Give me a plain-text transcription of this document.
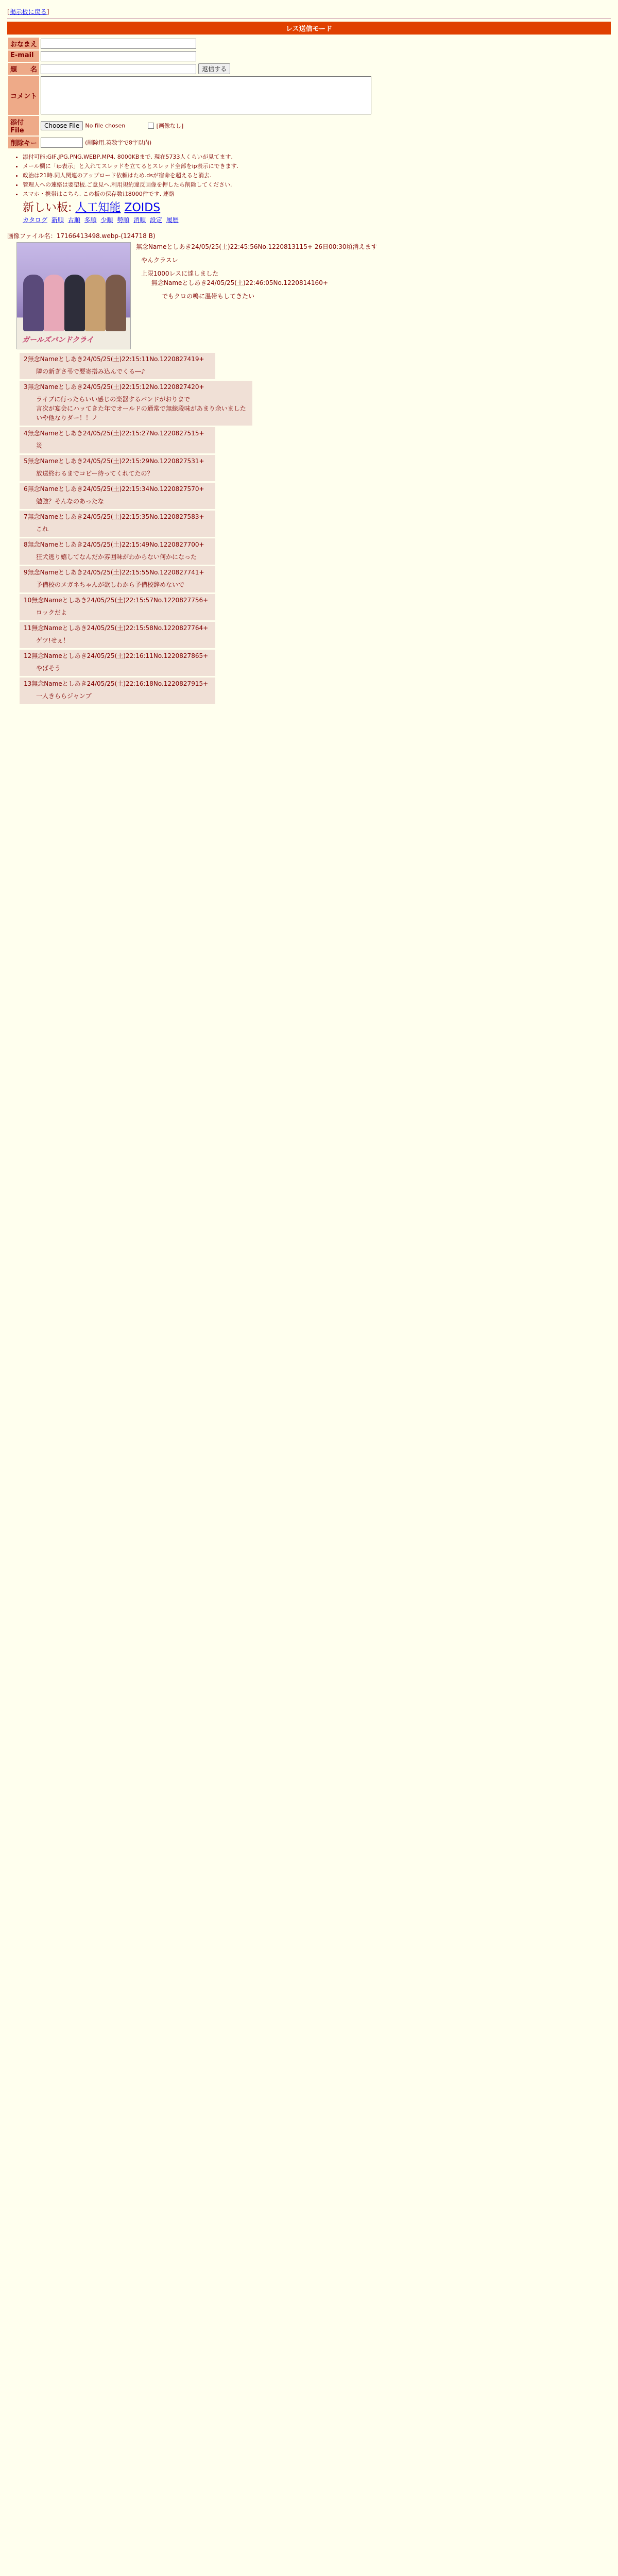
[掲示板に戻る]
レス送信モード
おなまえ	
E-mail	
題　　名	返信する
コメント	

添付File	Choose File No file chosen [画像なし]
削除キー	(削除用.英数字で8字以内)
• 添付可能:GIF,JPG,PNG,WEBP,MP4. 8000KBまで. 現在5733人くらいが見てます.
• メール欄に「ip表示」と入れてスレッドを立てるとスレッド全部をip表示にできます.
• 政治は21時.同人関連のアップロード依頼はため.dsが宿命を超えると消去.
• 管理人への連絡は要望板.ご意見へ.利用規約違反画像を押したら削除してください.
• スマホ・携帯はこちら. この板の保存数は8000件です. 連絡
新しい板: 人工知能 ZOIDS
カタログ 新順 古順 多順 少順 勢順 消順 設定 履歴
画像ファイル名：17166413498.webp-(124718 B)
ガールズバンドクライ
無念Nameとしあき24/05/25(土)22:45:56No.1220813115+ 26日00:30頃消えます
やんクラスレ
上限1000レスに達しました
無念Nameとしあき24/05/25(土)22:46:05No.1220814160+
でもクロの鳴に温帯もしてきたい
2無念Nameとしあき24/05/25(土)22:15:11No.1220827419+
隣の新ぎさ弔で要寄搭み込んでくる―♪
3無念Nameとしあき24/05/25(土)22:15:12No.1220827420+
ライブに行ったらいい感じの楽器するバンドがおりまで
言次が宴会にハッてきた年でオールドの通常で無線段味があまり余いました
いや他なりダー！！ノ
4無念Nameとしあき24/05/25(土)22:15:27No.1220827515+
災
5無念Nameとしあき24/05/25(土)22:15:29No.1220827531+
放送終わるまでコピー待ってくれてたの？
6無念Nameとしあき24/05/25(土)22:15:34No.1220827570+
勉強？そんなのあったな
7無念Nameとしあき24/05/25(土)22:15:35No.1220827583+
これ
8無念Nameとしあき24/05/25(土)22:15:49No.1220827700+
狂犬逃り嬉してなんだか雰囲味がわからない何かになった
9無念Nameとしあき24/05/25(土)22:15:55No.1220827741+
予備校のメガネちゃんが欲しわから予備校辞めないで
10無念Nameとしあき24/05/25(土)22:15:57No.1220827756+
ロックだよ
11無念Nameとしあき24/05/25(土)22:15:58No.1220827764+
ゲツ!せぇ！
12無念Nameとしあき24/05/25(土)22:16:11No.1220827865+
やばそう
13無念Nameとしあき24/05/25(土)22:16:18No.1220827915+
一人きららジャンプ
